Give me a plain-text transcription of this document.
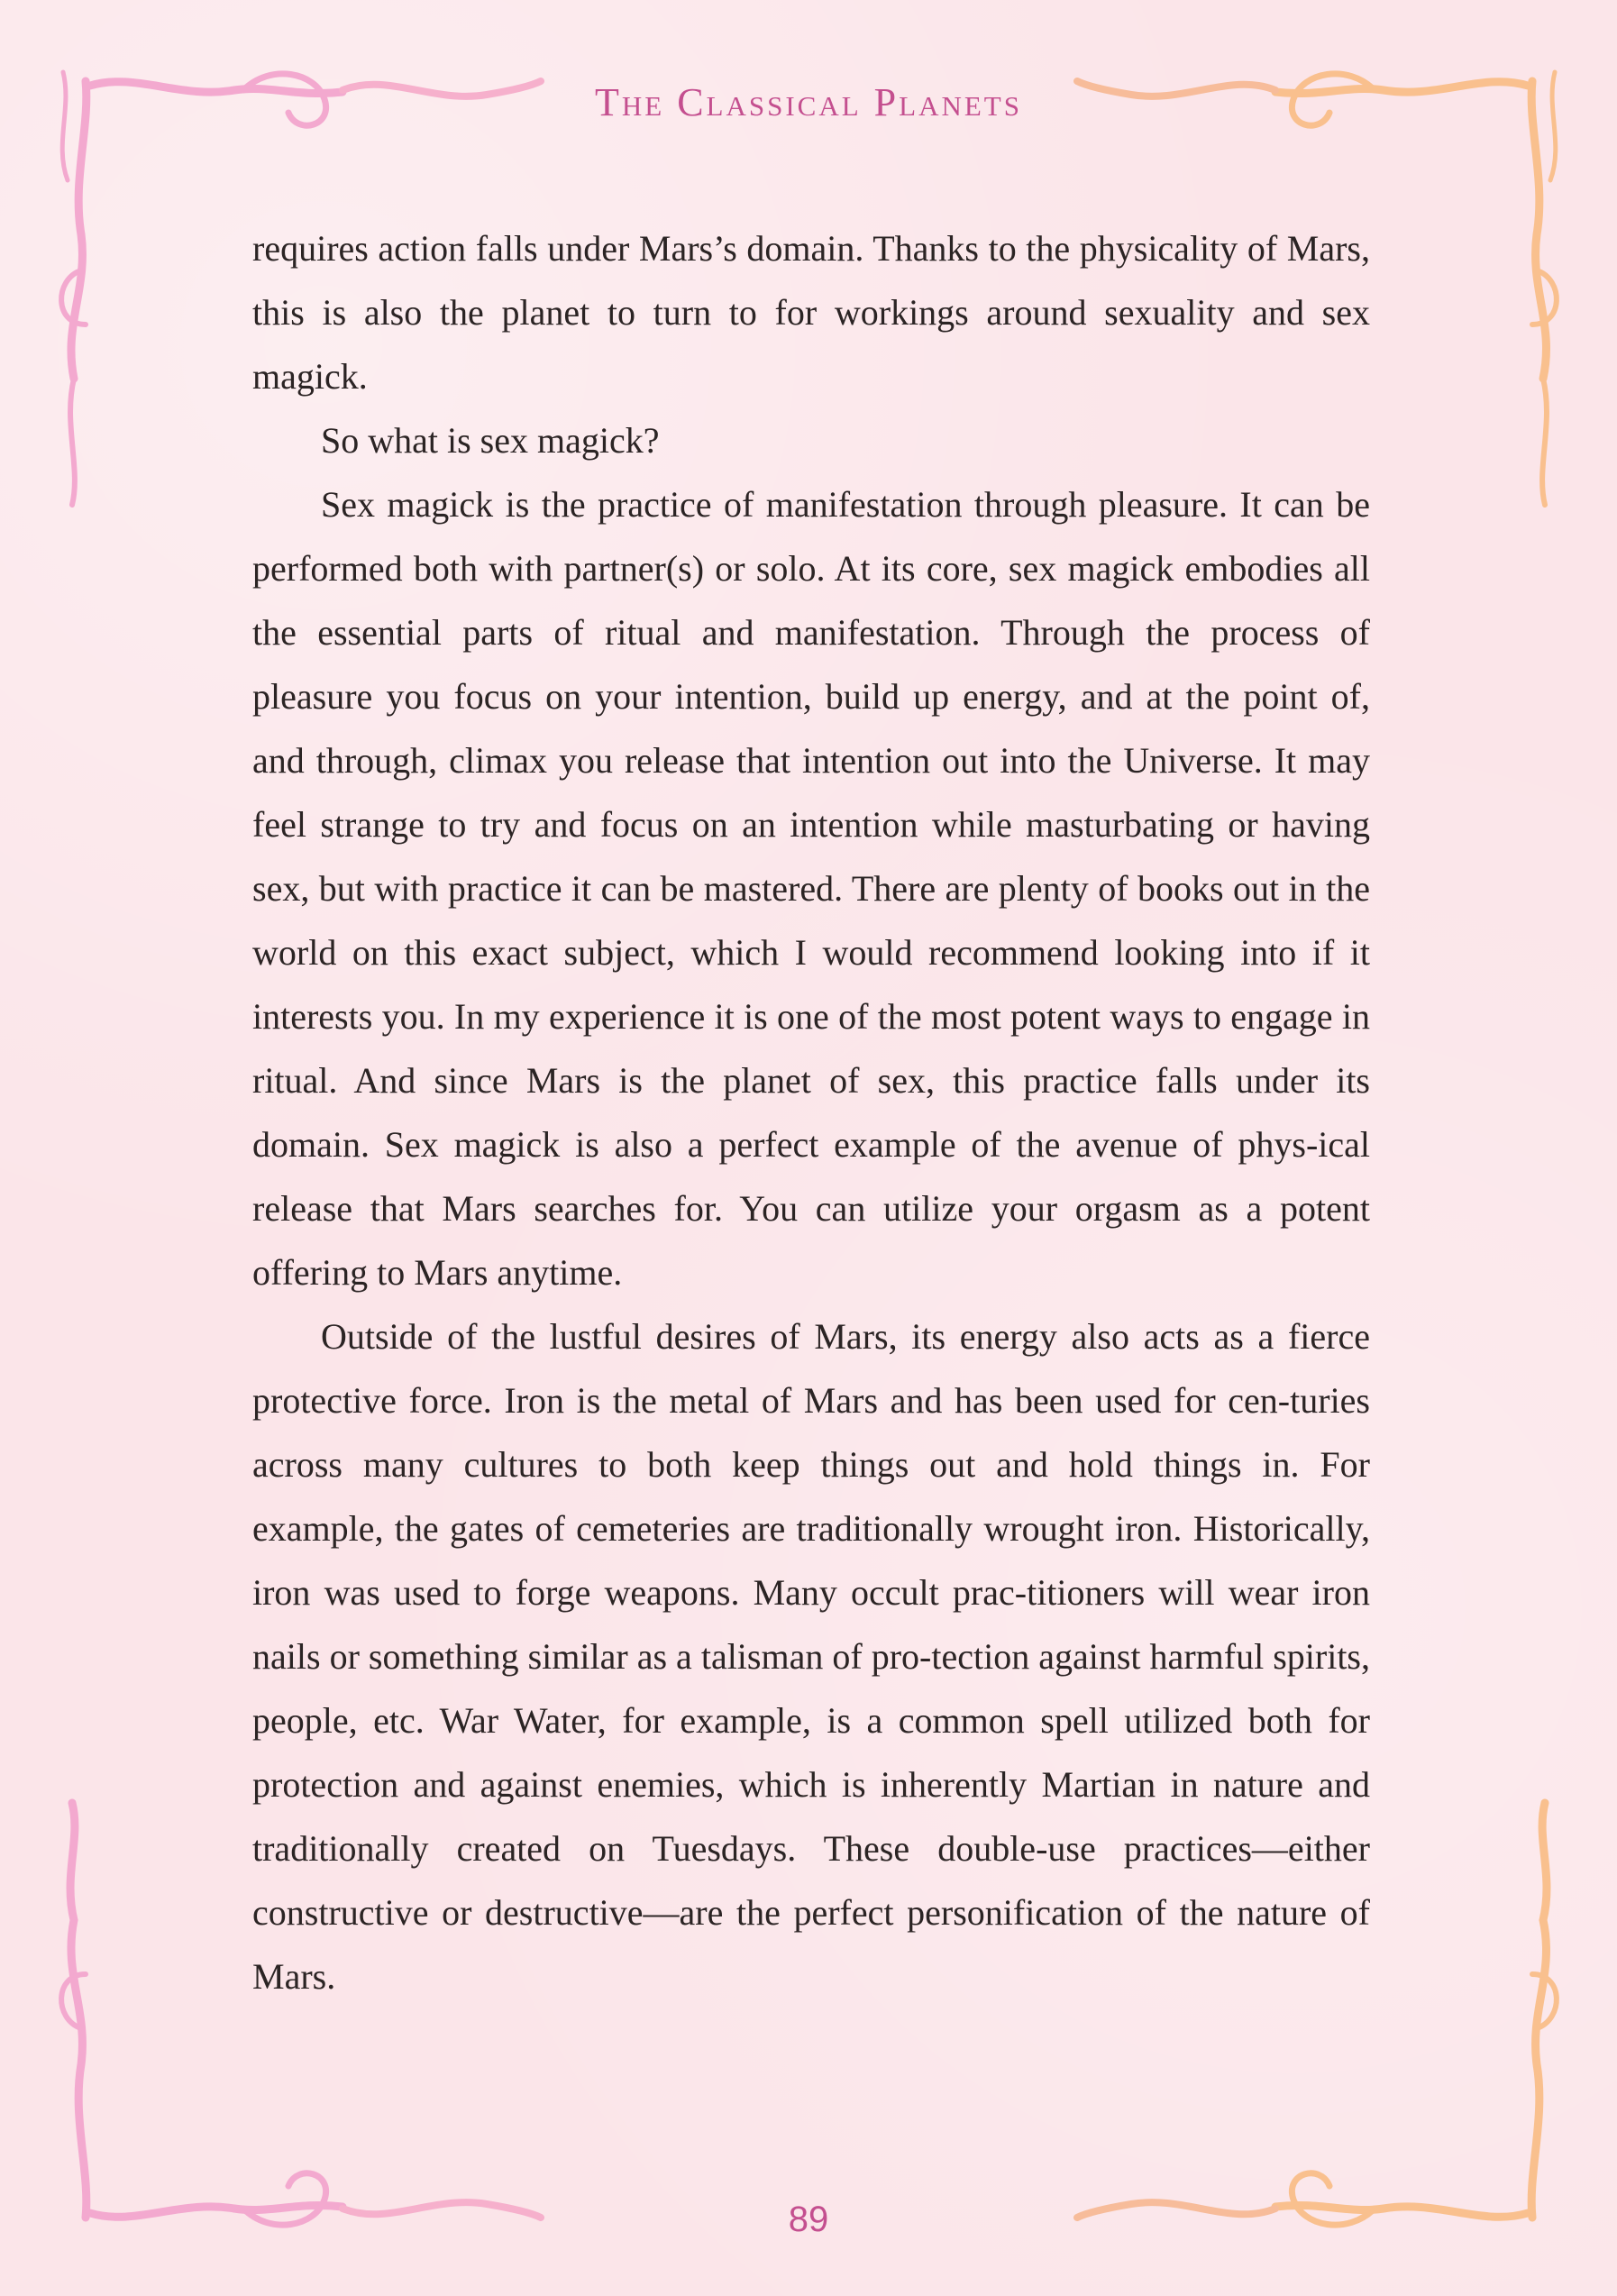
The Classical Planets

requires action falls under Mars’s domain. Thanks to the physicality of Mars, this is also the planet to turn to for workings around sexuality and sex magick.

So what is sex magick?

Sex magick is the practice of manifestation through pleasure. It can be performed both with partner(s) or solo. At its core, sex magick embodies all the essential parts of ritual and manifestation. Through the process of pleasure you focus on your intention, build up energy, and at the point of, and through, climax you release that intention out into the Universe. It may feel strange to try and focus on an intention while masturbating or having sex, but with practice it can be mastered. There are plenty of books out in the world on this exact subject, which I would recommend looking into if it interests you. In my experience it is one of the most potent ways to engage in ritual. And since Mars is the planet of sex, this practice falls under its domain. Sex magick is also a perfect example of the avenue of phys-ical release that Mars searches for. You can utilize your orgasm as a potent offering to Mars anytime.

Outside of the lustful desires of Mars, its energy also acts as a fierce protective force. Iron is the metal of Mars and has been used for cen-turies across many cultures to both keep things out and hold things in. For example, the gates of cemeteries are traditionally wrought iron. Historically, iron was used to forge weapons. Many occult prac-titioners will wear iron nails or something similar as a talisman of pro-tection against harmful spirits, people, etc. War Water, for example, is a common spell utilized both for protection and against enemies, which is inherently Martian in nature and traditionally created on Tuesdays. These double-use practices—either constructive or destructive—are the perfect personification of the nature of Mars.

89
